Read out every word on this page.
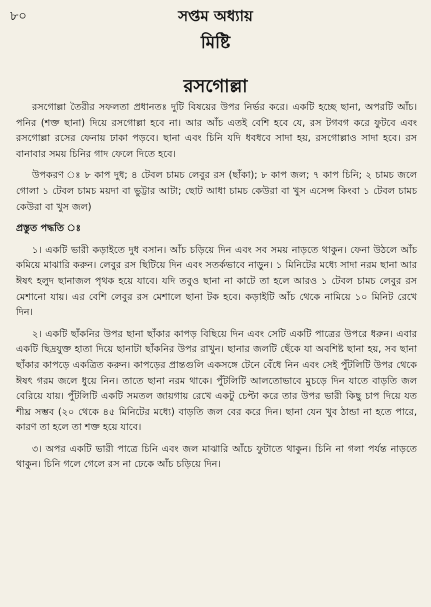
৮০	সপ্তম অধ্যায়
মিষ্টি
রসগোল্লা

রসগোল্লা তৈরীর সফলতা প্রধানতঃ দুটি বিষয়ের উপর নির্ভর করে। একটি হচ্ছে ছানা, অপরটি আঁচ। পনির (শক্ত ছানা) দিয়ে রসগোল্লা হবে না। আর আঁচ এতই বেশি হবে যে, রস টগবগ করে ফুটবে এবং রসগোল্লা রসের ফেনায় ঢাকা পড়বে। ছানা এবং চিনি যদি ধবধবে সাদা হয়, রসগোল্লাও সাদা হবে। রস বানাবার সময় চিনির গাদ ফেলে দিতে হবে।

উপকরণ ঃ ৮ কাপ দুধ; ৪ টেবল চামচ লেবুর রস (ছাঁকা); ৮ কাপ জল; ৭ কাপ চিনি; ২ চামচ জলে গোলা ১ টেবল চামচ ময়দা বা ভুট্টার আটা; ছোট আধা চামচ কেউরা বা খুস এসেন্স কিংবা ১ টেবল চামচ কেউরা বা খুস জল)

প্রস্তুত পদ্ধতি ঃ

১। একটি ভারী কড়াইতে দুধ বসান। আঁচ চড়িয়ে দিন এবং সব সময় নাড়তে থাকুন। ফেনা উঠলে আঁচ কমিয়ে মাঝারি করুন। লেবুর রস ছিটিয়ে দিন এবং সতর্কভাবে নাড়ুন। ১ মিনিটের মধ্যে সাদা নরম ছানা আর ঈষৎ হলুদ ছানাজল পৃথক হয়ে যাবে। যদি তবুও ছানা না কাটে তা হলে আরও ১ টেবল চামচ লেবুর রস মেশানো যায়। এর বেশি লেবুর রস মেশালে ছানা টক হবে। কড়াইটি আঁচ থেকে নামিয়ে ১০ মিনিট রেখে দিন।

২। একটি ছাঁকনির উপর ছানা ছাঁকার কাপড় বিছিয়ে দিন এবং সেটি একটি পাত্রের উপরে ধরুন। এবার একটি ছিদ্রযুক্ত হাতা দিয়ে ছানাটা ছাঁকনির উপর রাখুন। ছানার জলটি ছেঁকে যা অবশিষ্ট ছানা হয়, সব ছানা ছাঁকার কাপড়ে একত্রিত করুন। কাপড়ের প্রান্তগুলি একসঙ্গে টেনে বেঁধে নিন এবং সেই পুঁটলিটি উপর থেকে ঈষৎ গরম জলে ধুয়ে নিন। তাতে ছানা নরম থাকে। পুঁটলিটি আলতোভাবে মুচড়ে দিন যাতে বাড়তি জল বেরিয়ে যায়। পুঁটলিটি একটি সমতল জায়গায় রেখে একটু চেপ্টা করে তার উপর ভারী কিছু চাপ দিয়ে যত শীঘ্র সম্ভব (২০ থেকে ৪৫ মিনিটের মধ্যে) বাড়তি জল বের করে দিন। ছানা যেন খুব ঠান্ডা না হতে পারে, কারণ তা হলে তা শক্ত হয়ে যাবে।

৩। অপর একটি ভারী পাত্রে চিনি এবং জল মাঝারি আঁচে ফুটাতে থাকুন। চিনি না গলা পর্যন্ত নাড়তে থাকুন। চিনি গলে গেলে রস না ঢেকে আঁচ চড়িয়ে দিন।
